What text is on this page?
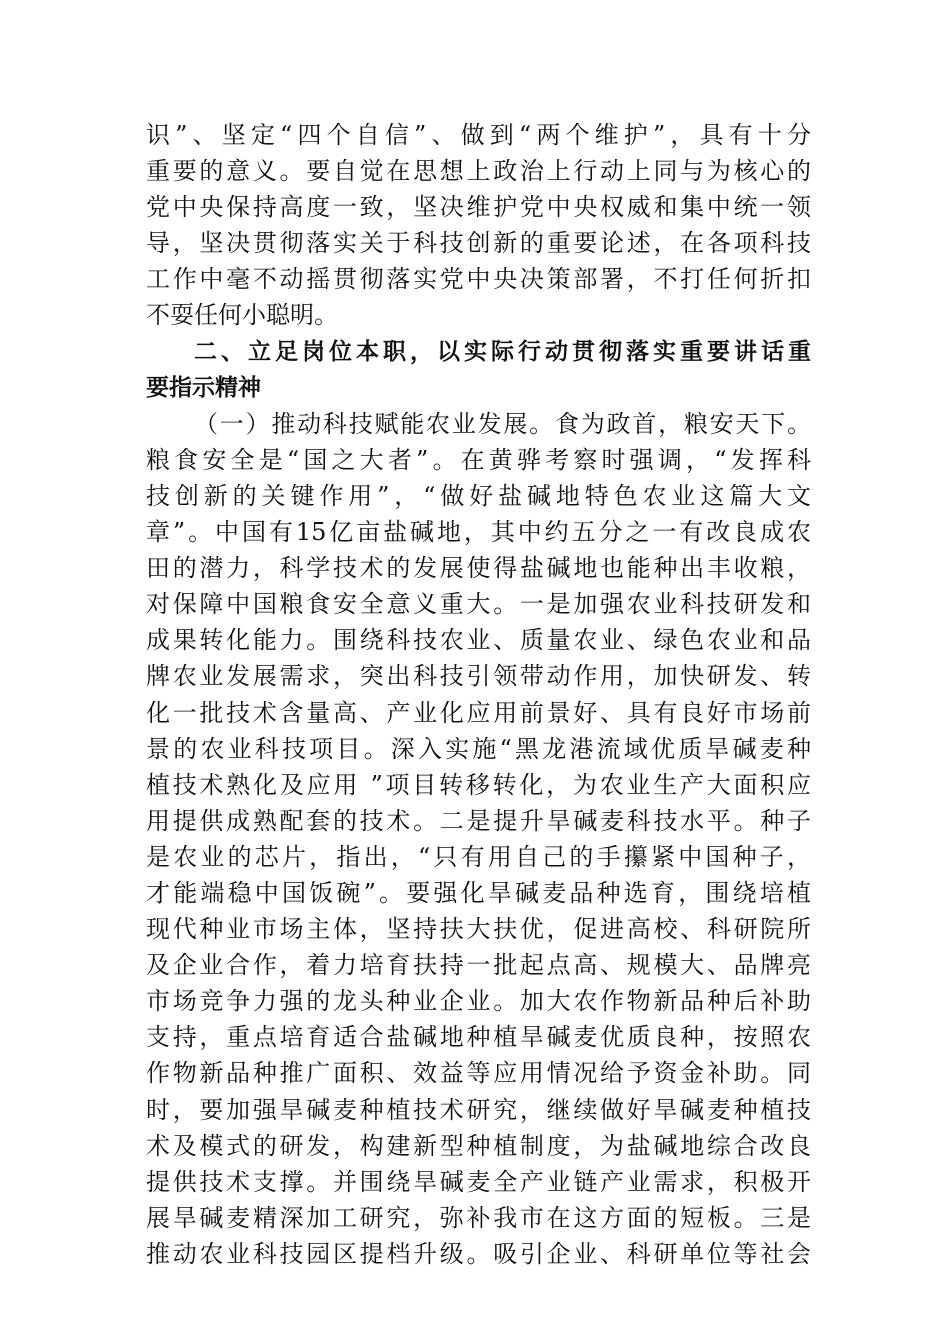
识”、坚定“四个自信”、做到“两个维护”，具有十分
重要的意义。要自觉在思想上政治上行动上同与为核心的
党中央保持高度一致，坚决维护党中央权威和集中统一领
导，坚决贯彻落实关于科技创新的重要论述，在各项科技
工作中毫不动摇贯彻落实党中央决策部署，不打任何折扣
不耍任何小聪明。
二、立足岗位本职，以实际行动贯彻落实重要讲话重
要指示精神
（一）推动科技赋能农业发展。食为政首，粮安天下。
粮食安全是“国之大者”。在黄骅考察时强调，“发挥科
技创新的关键作用”，“做好盐碱地特色农业这篇大文
章”。中国有15亿亩盐碱地，其中约五分之一有改良成农
田的潜力，科学技术的发展使得盐碱地也能种出丰收粮，
对保障中国粮食安全意义重大。一是加强农业科技研发和
成果转化能力。围绕科技农业、质量农业、绿色农业和品
牌农业发展需求，突出科技引领带动作用，加快研发、转
化一批技术含量高、产业化应用前景好、具有良好市场前
景的农业科技项目。深入实施“黑龙港流域优质旱碱麦种
植技术熟化及应用 ”项目转移转化，为农业生产大面积应
用提供成熟配套的技术。二是提升旱碱麦科技水平。种子
是农业的芯片，指出，“只有用自己的手攥紧中国种子，
才能端稳中国饭碗”。要强化旱碱麦品种选育，围绕培植
现代种业市场主体，坚持扶大扶优，促进高校、科研院所
及企业合作，着力培育扶持一批起点高、规模大、品牌亮
市场竞争力强的龙头种业企业。加大农作物新品种后补助
支持，重点培育适合盐碱地种植旱碱麦优质良种，按照农
作物新品种推广面积、效益等应用情况给予资金补助。同
时，要加强旱碱麦种植技术研究，继续做好旱碱麦种植技
术及模式的研发，构建新型种植制度，为盐碱地综合改良
提供技术支撑。并围绕旱碱麦全产业链产业需求，积极开
展旱碱麦精深加工研究，弥补我市在这方面的短板。三是
推动农业科技园区提档升级。吸引企业、科研单位等社会
